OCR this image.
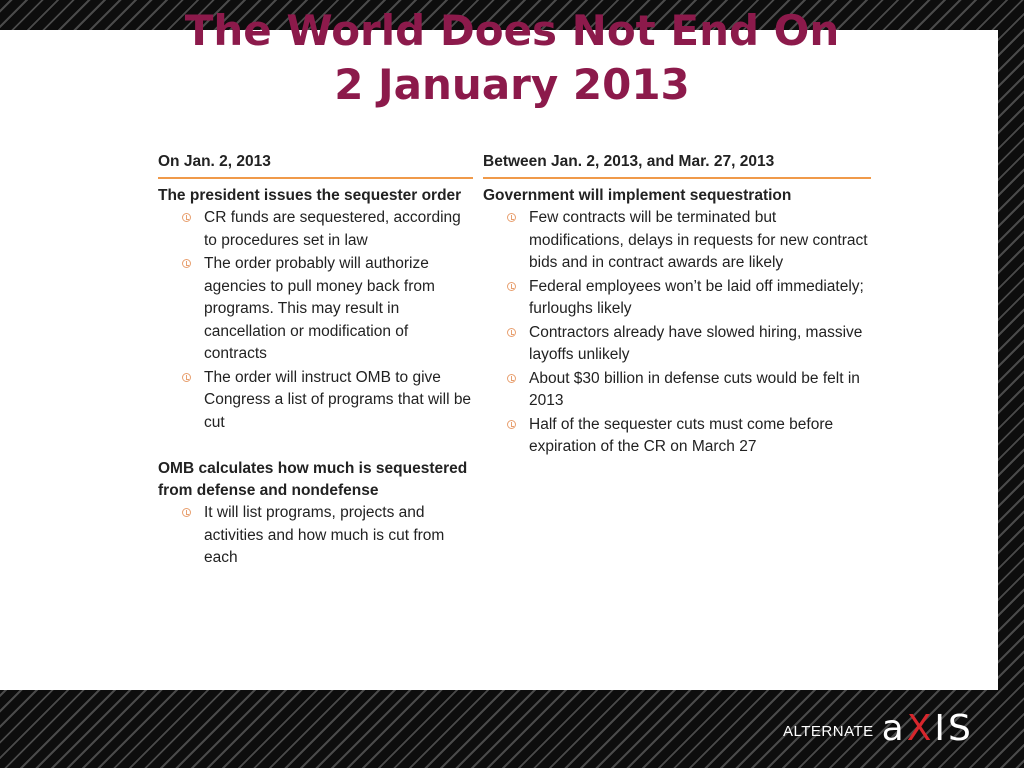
The World Does Not End On
2 January 2013
On Jan. 2, 2013
The president issues the sequester order
CR funds are sequestered, according to procedures set in law
The order probably will authorize agencies to pull money back from programs. This may result in cancellation or modification of contracts
The order will instruct OMB to give Congress a list of programs that will be cut
OMB calculates how much is sequestered from defense and nondefense
It will list programs, projects and activities and how much is cut from each
Between Jan. 2, 2013, and Mar. 27, 2013
Government will implement sequestration
Few contracts will be terminated but modifications, delays in requests for new contract bids and in contract awards are likely
Federal employees won’t be laid off immediately; furloughs likely
Contractors already have slowed hiring, massive layoffs unlikely
About $30 billion in defense cuts would be felt in 2013
Half of the sequester cuts must come before expiration of the CR on March 27
ALTERNATE aXIS
